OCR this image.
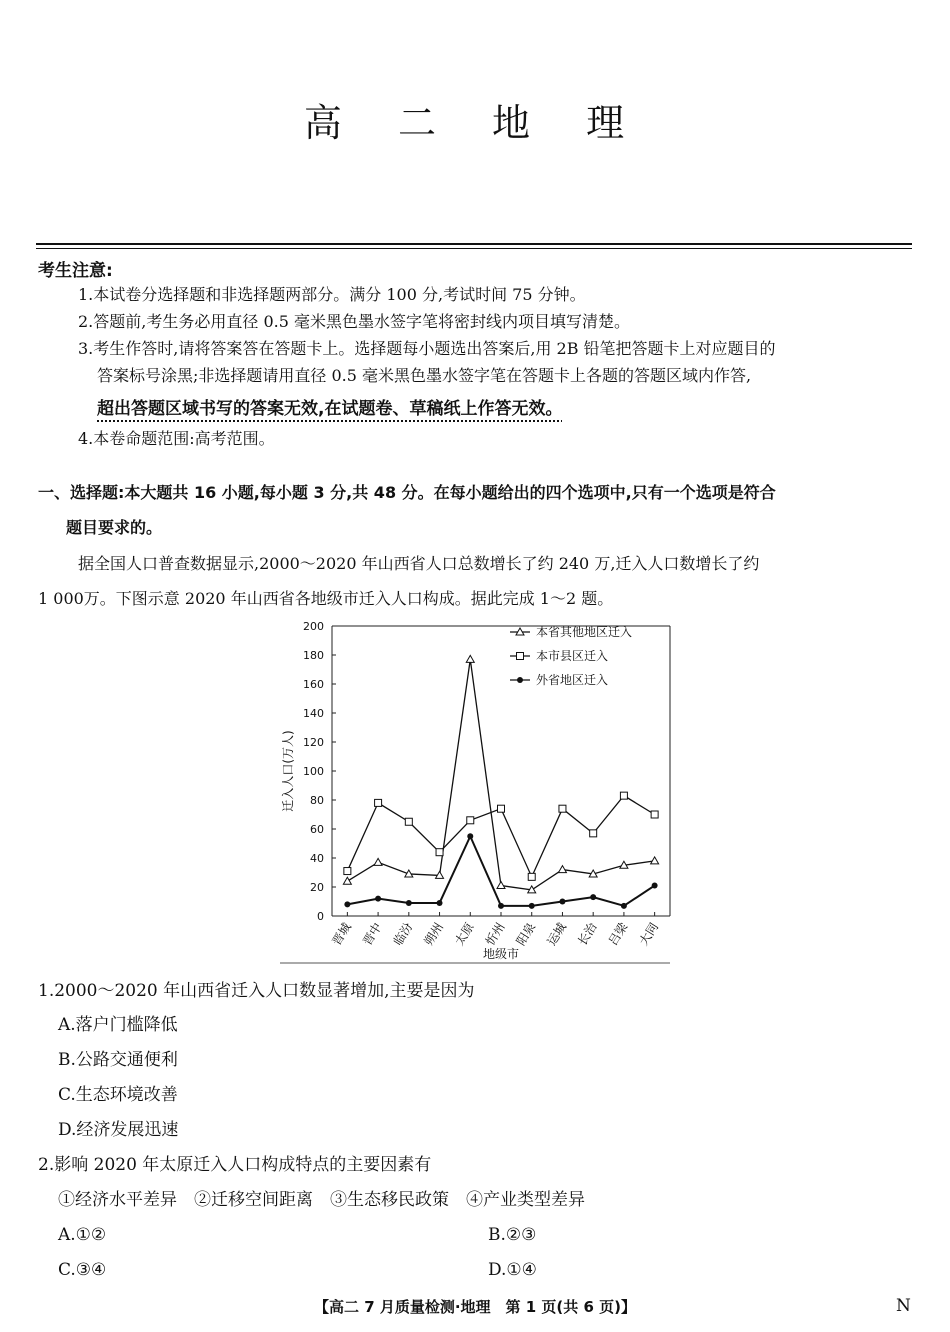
高 二 地 理
考生注意:
1.本试卷分选择题和非选择题两部分。满分 100 分,考试时间 75 分钟。
2.答题前,考生务必用直径 0.5 毫米黑色墨水签字笔将密封线内项目填写清楚。
3.考生作答时,请将答案答在答题卡上。选择题每小题选出答案后,用 2B 铅笔把答题卡上对应题目的
答案标号涂黑;非选择题请用直径 0.5 毫米黑色墨水签字笔在答题卡上各题的答题区域内作答,
超出答题区域书写的答案无效,在试题卷、草稿纸上作答无效。
4.本卷命题范围:高考范围。
一、选择题:本大题共 16 小题,每小题 3 分,共 48 分。在每小题给出的四个选项中,只有一个选项是符合
题目要求的。
据全国人口普查数据显示,2000～2020 年山西省人口总数增长了约 240 万,迁入人口数增长了约
1 000万。下图示意 2020 年山西省各地级市迁入人口构成。据此完成 1～2 题。
0
20
40
60
80
100
120
140
160
180
200
晋城 晋中 临汾 朔州 太原 忻州 阳泉 运城 长治 吕梁 大同
地级市
迁入人口(万人)
本省其他地区迁入
本市县区迁入
外省地区迁入
1.2000～2020 年山西省迁入人口数显著增加,主要是因为
A.落户门槛降低
B.公路交通便利
C.生态环境改善
D.经济发展迅速
2.影响 2020 年太原迁入人口构成特点的主要因素有
①经济水平差异　②迁移空间距离　③生态移民政策　④产业类型差异
A.①②	B.②③
C.③④	D.①④
【高二 7 月质量检测·地理　第 1 页(共 6 页)】	N
